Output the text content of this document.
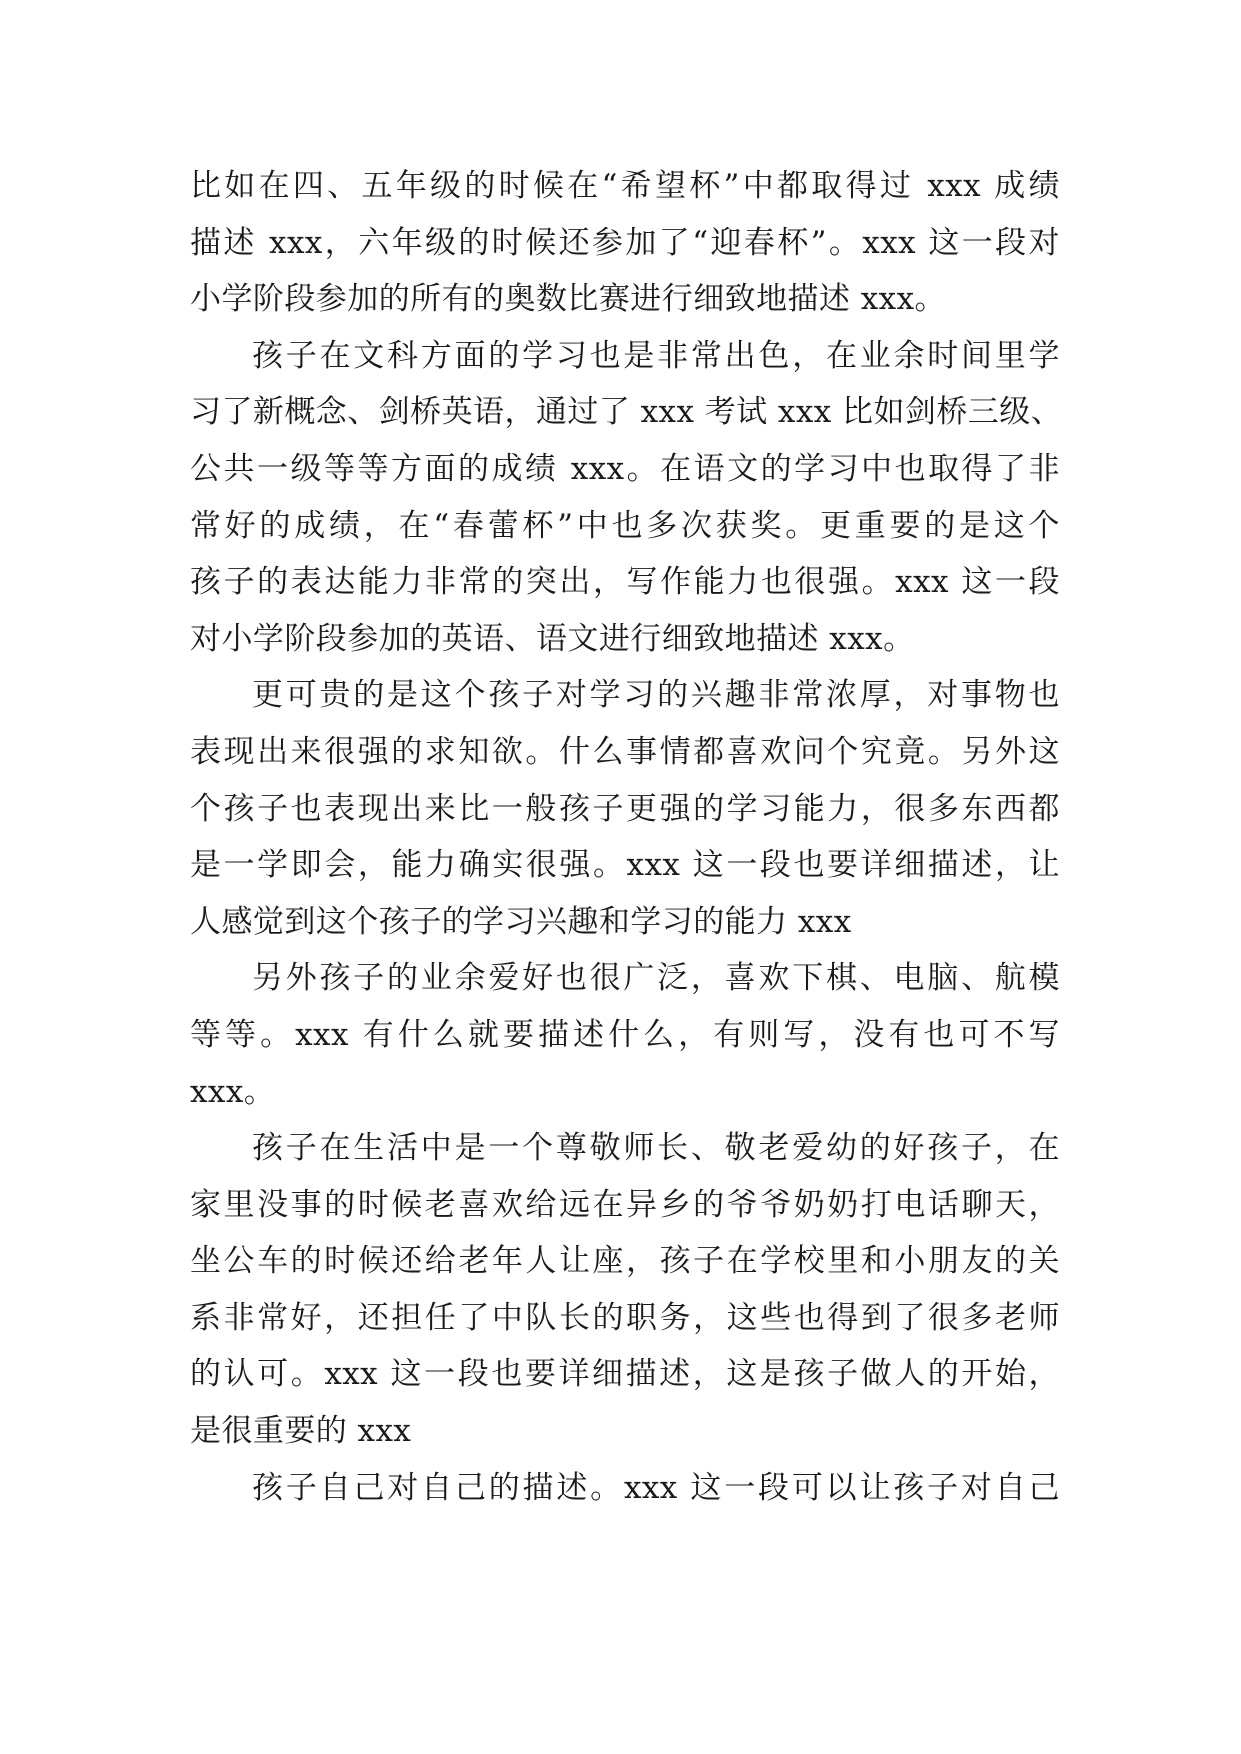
比如在四、五年级的时候在“希望杯”中都取得过 xxx 成绩
描述 xxx，六年级的时候还参加了“迎春杯”。xxx 这一段对
小学阶段参加的所有的奥数比赛进行细致地描述 xxx。
孩子在文科方面的学习也是非常出色，在业余时间里学
习了新概念、剑桥英语，通过了 xxx 考试 xxx 比如剑桥三级、
公共一级等等方面的成绩 xxx。在语文的学习中也取得了非
常好的成绩，在“春蕾杯”中也多次获奖。更重要的是这个
孩子的表达能力非常的突出，写作能力也很强。xxx 这一段
对小学阶段参加的英语、语文进行细致地描述 xxx。
更可贵的是这个孩子对学习的兴趣非常浓厚，对事物也
表现出来很强的求知欲。什么事情都喜欢问个究竟。另外这
个孩子也表现出来比一般孩子更强的学习能力，很多东西都
是一学即会，能力确实很强。xxx 这一段也要详细描述，让
人感觉到这个孩子的学习兴趣和学习的能力 xxx
另外孩子的业余爱好也很广泛，喜欢下棋、电脑、航模
等等。xxx 有什么就要描述什么，有则写，没有也可不写
xxx。
孩子在生活中是一个尊敬师长、敬老爱幼的好孩子，在
家里没事的时候老喜欢给远在异乡的爷爷奶奶打电话聊天，
坐公车的时候还给老年人让座，孩子在学校里和小朋友的关
系非常好，还担任了中队长的职务，这些也得到了很多老师
的认可。xxx 这一段也要详细描述，这是孩子做人的开始，
是很重要的 xxx
孩子自己对自己的描述。xxx 这一段可以让孩子对自己
